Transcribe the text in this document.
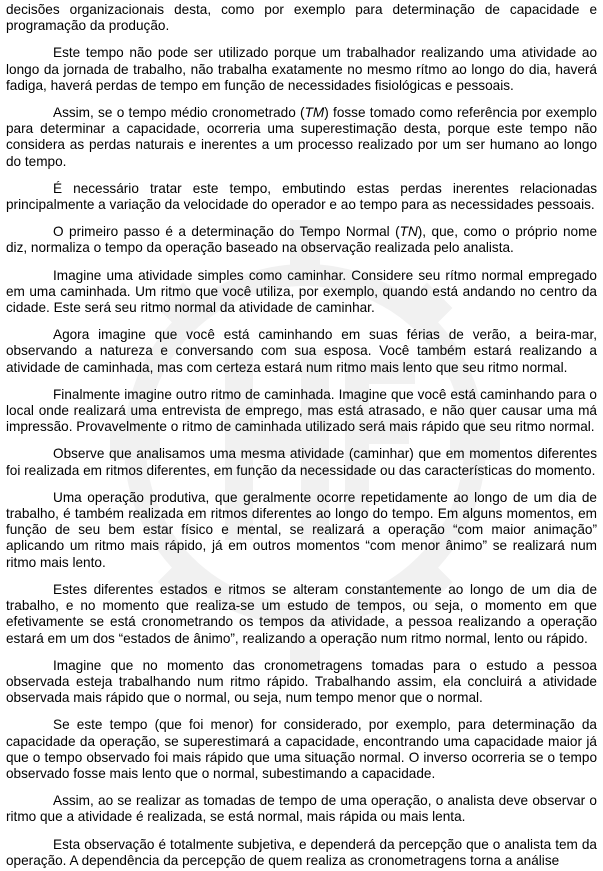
decisões organizacionais desta, como por exemplo para determinação de capacidade e programação da produção.

Este tempo não pode ser utilizado porque um trabalhador realizando uma atividade ao longo da jornada de trabalho, não trabalha exatamente no mesmo rítmo ao longo do dia, haverá fadiga, haverá perdas de tempo em função de necessidades fisiológicas e pessoais.

Assim, se o tempo médio cronometrado (TM) fosse tomado como referência por exemplo para determinar a capacidade, ocorreria uma superestimação desta, porque este tempo não considera as perdas naturais e inerentes a um processo realizado por um ser humano ao longo do tempo.

É necessário tratar este tempo, embutindo estas perdas inerentes relacionadas principalmente a variação da velocidade do operador e ao tempo para as necessidades pessoais.

O primeiro passo é a determinação do Tempo Normal (TN), que, como o próprio nome diz, normaliza o tempo da operação baseado na observação realizada pelo analista.

Imagine uma atividade simples como caminhar. Considere seu rítmo normal empregado em uma caminhada. Um ritmo que você utiliza, por exemplo, quando está andando no centro da cidade. Este será seu ritmo normal da atividade de caminhar.

Agora imagine que você está caminhando em suas férias de verão, a beira-mar, observando a natureza e conversando com sua esposa. Você também estará realizando a atividade de caminhada, mas com certeza estará num ritmo mais lento que seu ritmo normal.

Finalmente imagine outro ritmo de caminhada. Imagine que você está caminhando para o local onde realizará uma entrevista de emprego, mas está atrasado, e não quer causar uma má impressão. Provavelmente o ritmo de caminhada utilizado será mais rápido que seu ritmo normal.

Observe que analisamos uma mesma atividade (caminhar) que em momentos diferentes foi realizada em ritmos diferentes, em função da necessidade ou das características do momento.

Uma operação produtiva, que geralmente ocorre repetidamente ao longo de um dia de trabalho, é também realizada em ritmos diferentes ao longo do tempo. Em alguns momentos, em função de seu bem estar físico e mental, se realizará a operação “com maior animação” aplicando um ritmo mais rápido, já em outros momentos “com menor ânimo” se realizará num ritmo mais lento.

Estes diferentes estados e ritmos se alteram constantemente ao longo de um dia de trabalho, e no momento que realiza-se um estudo de tempos, ou seja, o momento em que efetivamente se está cronometrando os tempos da atividade, a pessoa realizando a operação estará em um dos “estados de ânimo”, realizando a operação num ritmo normal, lento ou rápido.

Imagine que no momento das cronometragens tomadas para o estudo a pessoa observada esteja trabalhando num ritmo rápido. Trabalhando assim, ela concluirá a atividade observada mais rápido que o normal, ou seja, num tempo menor que o normal.

Se este tempo (que foi menor) for considerado, por exemplo, para determinação da capacidade da operação, se superestimará a capacidade, encontrando uma capacidade maior já que o tempo observado foi mais rápido que uma situação normal. O inverso ocorreria se o tempo observado fosse mais lento que o normal, subestimando a capacidade.

Assim, ao se realizar as tomadas de tempo de uma operação, o analista deve observar o ritmo que a atividade é realizada, se está normal, mais rápida ou mais lenta.

Esta observação é totalmente subjetiva, e dependerá da percepção que o analista tem da operação. A dependência da percepção de quem realiza as cronometragens torna a análise
